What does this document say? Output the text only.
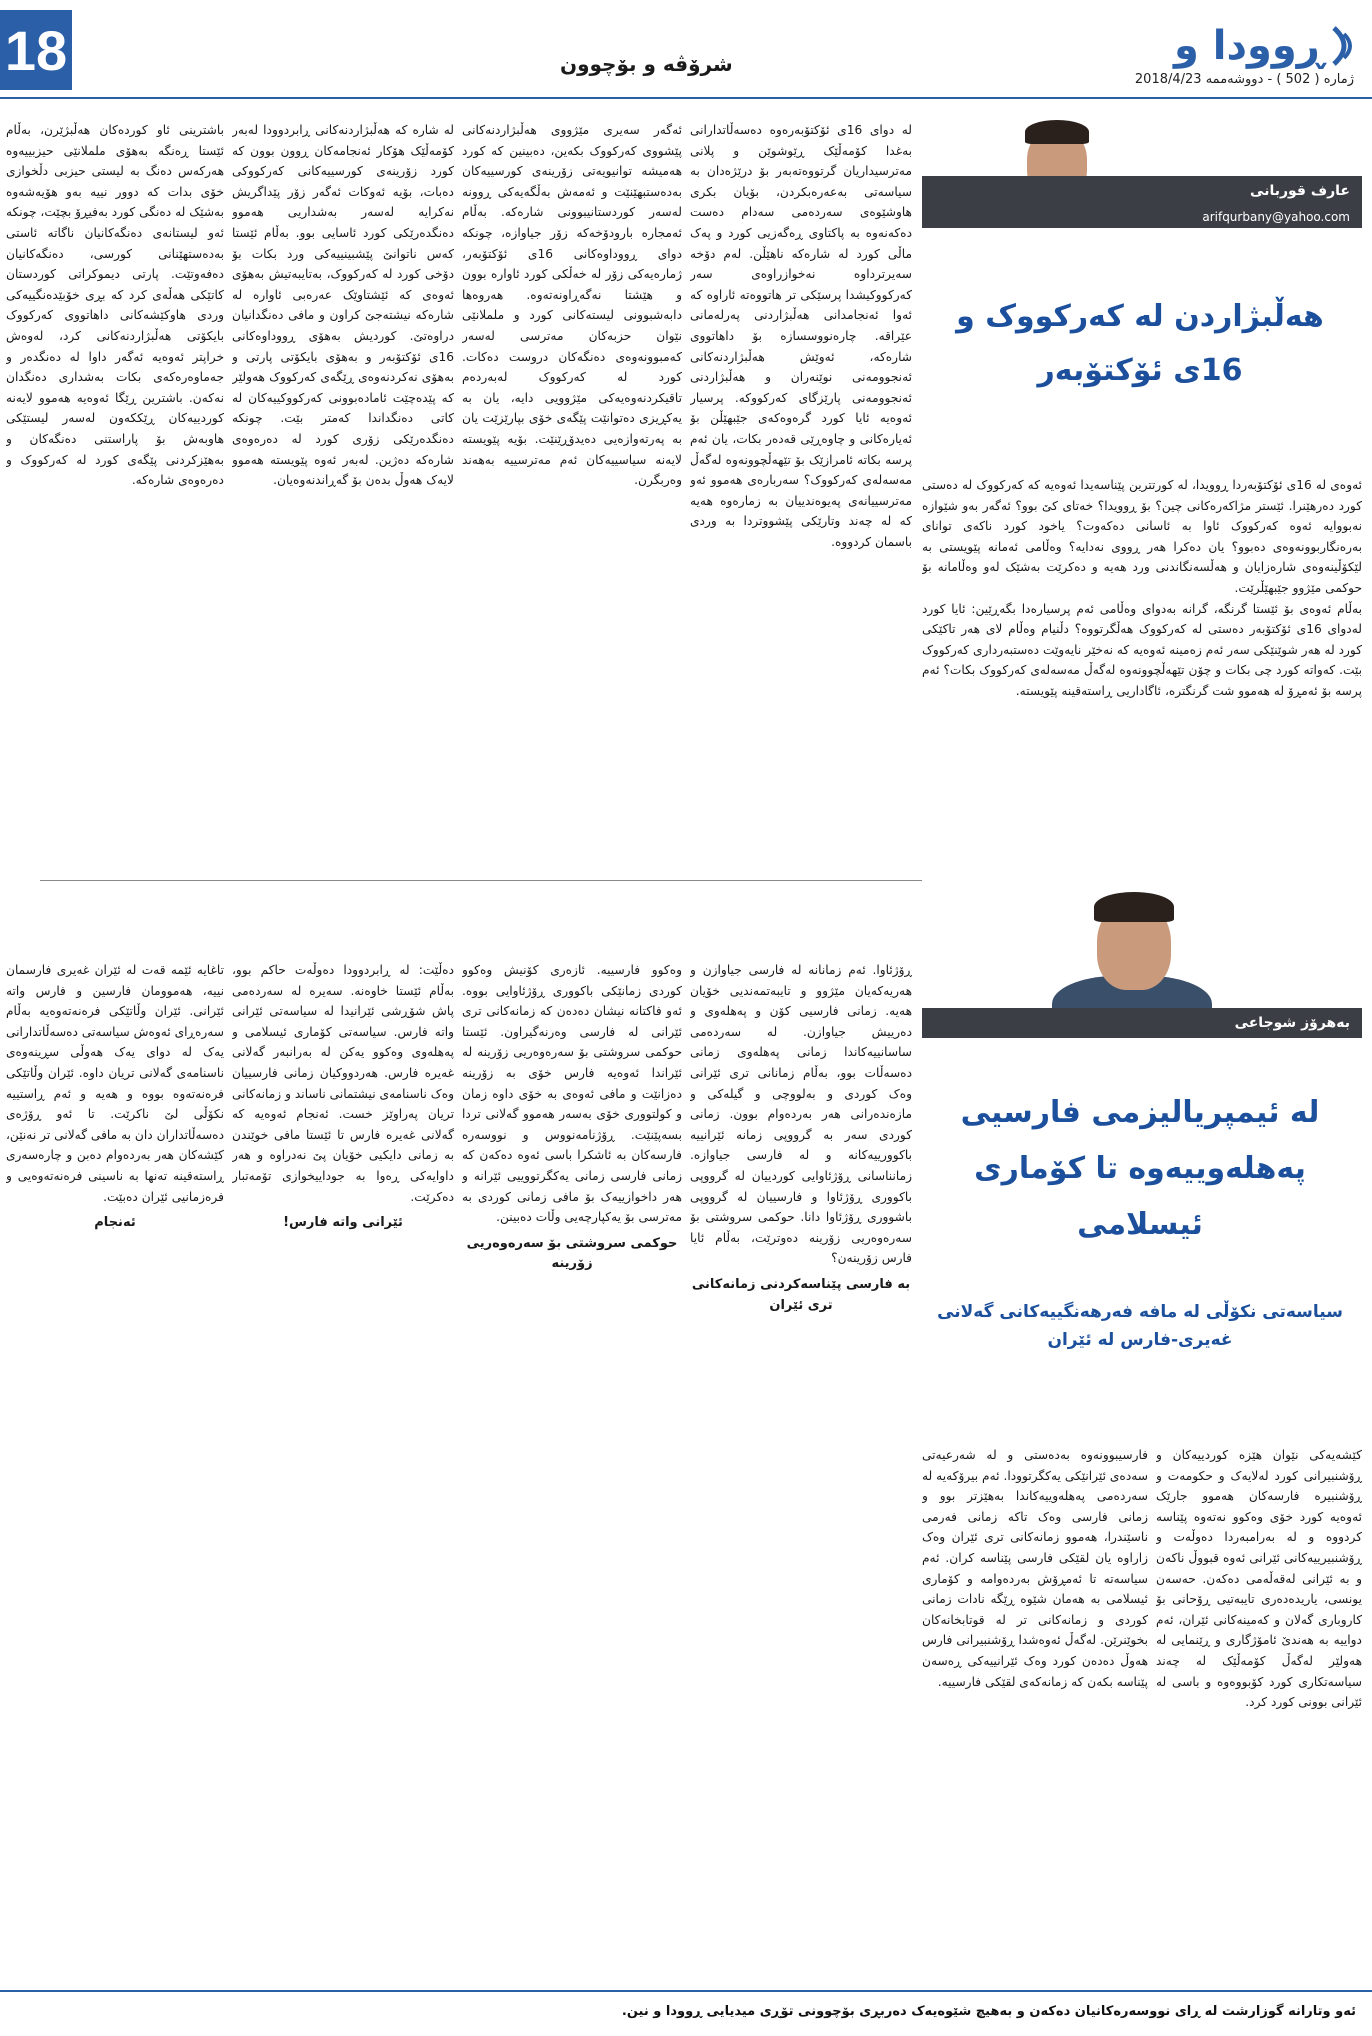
18	شرۆڤە و بۆچوون	ڕوودا و
ژمارە ( 502 ) - دووشەممە 2018/4/23
عارف قوربانی
arifqurbany@yahoo.com
هەڵبژاردن لە کەرکووک و 16ی ئۆکتۆبەر

ئەوەی لە 16ی ئۆکتۆبەردا ڕوویدا، لە کورتترین پێناسەیدا ئەوەیە کە کەرکووک لە دەستی کورد دەرهێنرا. ئێستر مژاکەرەکانی چین؟ بۆ ڕوویدا؟ خەتای کێ بوو؟ ئەگەر بەو شێوازە نەبووایە ئەوە کەرکووک ئاوا بە ئاسانی دەکەوت؟ یاخود کورد ناکەی توانای بەرەنگاربوونەوەی دەبوو؟ یان دەکرا هەر ڕووی نەدایە؟ وەڵامی ئەمانە پێویستی بە لێکۆڵینەوەی شارەزایان و هەڵسەنگاندنی ورد هەیە و دەکرێت بەشێک لەو وەڵامانە بۆ حوکمی مێژوو جێبهێڵرێت.

بەڵام ئەوەی بۆ ئێستا گرنگە، گرانە بەدوای وەڵامی ئەم پرسیارەدا بگەڕێین: ئایا کورد لەدوای 16ی ئۆکتۆبەر دەستی لە کەرکووک هەڵگرتووە؟ دڵنیام وەڵام لای هەر تاکێکی کورد لە هەر شوێنێکی سەر ئەم زەمینە ئەوەیە کە نەخێر نایەوێت دەستبەرداری کەرکووک بێت. کەواتە کورد چی بکات و چۆن تێهەڵچوونەوە لەگەڵ مەسەلەی کەرکووک بکات؟ ئەم پرسە بۆ ئەمڕۆ لە هەموو شت گرنگترە، ئاگاداریی ڕاستەقینە پێویستە.

لە دوای 16ی ئۆکتۆبەرەوە دەسەڵاتدارانی بەغدا کۆمەڵێک ڕێوشوێن و پلانی مەترسیداریان گرتووەتەبەر بۆ درێژەدان بە سیاسەتی بەعەرەبکردن، بۆیان بکری هاوشێوەی سەردەمی سەدام دەست دەکەنەوە بە پاکتاوی ڕەگەزیی کورد و پەک ماڵی کورد لە شارەکە ناهێڵن. لەم دۆخە سەیرترداوە نەخوازراوەی سەر کەرکووکیشدا پرسێکی تر هاتووەتە ئاراوە کە ئەوا ئەنجامدانی هەڵبژاردنی پەرلەمانی عێراقە. چارەنووسسازە بۆ داهاتووی شارەکە، ئەوێش هەڵبژاردنەکانی ئەنجوومەنی نوێنەران و هەڵبژاردنی ئەنجوومەنی پارێزگای کەرکووکە. پرسیار ئەوەیە ئایا کورد گرەوەکەی جێبهێڵن بۆ ئەیارەکانی و چاوەڕێی قەدەر بکات، یان ئەم پرسە بکاتە ئامرازێک بۆ تێهەڵچوونەوە لەگەڵ مەسەلەی کەرکووک؟ سەربارەی هەموو ئەو مەترسییانەی پەیوەندییان بە زمارەوە هەیە کە لە چەند وتارێکی پێشووتردا بە وردی باسمان کردووە.

ئەگەر سەیری مێژووی هەڵبژاردنەکانی پێشووی کەرکووک بکەین، دەبینین کە کورد هەمیشە توانیویەتی زۆرینەی کورسییەکان بەدەستبهێنێت و ئەمەش بەڵگەیەکی ڕوونە لەسەر کوردستانیبوونی شارەکە. بەڵام ئەمجارە بارودۆخەکە زۆر جیاوازە، چونکە دوای ڕووداوەکانی 16ی ئۆکتۆبەر، ژمارەیەکی زۆر لە خەڵکی کورد ئاوارە بوون و هێشتا نەگەڕاونەتەوە. هەروەها دابەشبوونی لیستەکانی کورد و ململانێی نێوان حزبەکان مەترسی لەسەر کەمبوونەوەی دەنگەکان دروست دەکات. کورد لە کەرکووک لەبەردەم تاقیکردنەوەیەکی مێژوویی دایە، یان بە یەکڕیزی دەتوانێت پێگەی خۆی بپارێزێت یان بە پەرتەوازەیی دەیدۆڕێنێت. بۆیە پێویستە لایەنە سیاسییەکان ئەم مەترسییە بەهەند وەربگرن.

لە شارە کە هەڵبژاردنەکانی ڕابردوودا لەبەر کۆمەڵێک هۆکار ئەنجامەکان ڕوون بوون کە کورد زۆرینەی کورسییەکانی کەرکووکی دەبات، بۆیە ئەوکات ئەگەر زۆر پێداگریش نەکرایە لەسەر بەشداریی هەموو دەنگدەرێکی کورد ئاسایی بوو. بەڵام ئێستا کەس ناتوانێ پێشبینییەکی ورد بکات بۆ دۆخی کورد لە کەرکووک، بەتایبەتیش بەهۆی ئەوەی کە ئێشتاوێک عەرەبی ئاوارە لە شارەکە نیشتەجێ کراون و مافی دەنگدانیان دراوەتێ. کوردیش بەهۆی ڕووداوەکانی 16ی ئۆکتۆبەر و بەهۆی بایکۆتی پارتی و بەهۆی نەکردنەوەی ڕێگەی کەرکووک هەولێر کە پێدەچێت ئامادەبوونی کەرکووکییەکان لە کاتی دەنگداندا کەمتر بێت. چونکە دەنگدەرێکی زۆری کورد لە دەرەوەی شارەکە دەژین. لەبەر ئەوە پێویستە هەموو لایەک هەوڵ بدەن بۆ گەڕاندنەوەیان.

باشترینی ئاو کوردەکان هەڵبژێرن، بەڵام ئێستا ڕەنگە بەهۆی ململانێی حیزبییەوە هەرکەس دەنگ بە لیستی حیزبی دڵخوازی خۆی بدات کە دوور نییە بەو هۆیەشەوە بەشێک لە دەنگی کورد بەفیڕۆ بچێت، چونکە ئەو لیستانەی دەنگەکانیان ناگاتە ئاستی بەدەستهێنانی کورسی، دەنگەکانیان دەفەوتێت. پارتی دیموکراتی کوردستان کاتێکی هەڵەی کرد کە بڕی خۆبێدەنگییەکی وردی هاوکێشەکانی داهاتووی کەرکووک بایکۆتی هەڵبژاردنەکانی کرد، لەوەش خراپتر ئەوەیە ئەگەر داوا لە دەنگدەر و جەماوەرەکەی بکات بەشداری دەنگدان نەکەن. باشترین ڕێگا ئەوەیە هەموو لایەنە کوردییەکان ڕێککەون لەسەر لیستێکی هاوبەش بۆ پاراستنی دەنگەکان و بەهێزکردنی پێگەی کورد لە کەرکووک و دەرەوەی شارەکە.

بەهرۆز شوجاعی
لە ئیمپریالیزمی فارسیی پەهلەوییەوە تا کۆماری ئیسلامی
سیاسەتی نکۆڵی لە مافە فەرهەنگییەکانی گەلانی غەیری-فارس لە ئێران

کێشەیەکی نێوان هێزە کوردییەکان و ڕۆشنبیرانی کورد لەلایەک و حکومەت و ڕۆشنبیرە فارسەکان هەموو جارێک ئەوەیە کورد خۆی وەکوو نەتەوە پێناسە کردووە و لە بەرامبەردا دەوڵەت و ڕۆشنبیرییەکانی ئێرانی ئەوە قبووڵ ناکەن و بە ئێرانی لەقەڵەمی دەکەن. حەسەن یونسی، یاریدەدەری تایبەتیی ڕۆحانی بۆ کاروباری گەلان و کەمینەکانی ئێران، ئەم دواییە بە هەندێ ئامۆژگاری و ڕێنمایی لە هەولێر لەگەڵ کۆمەڵێک لە چەند سیاسەتکاری کورد کۆبووەوە و باسی لە ئێرانی بوونی کورد کرد.

فارسیبوونەوە بەدەستی و لە شەرعیەتی سەدەی ئێرانێکی یەکگرتوودا. ئەم بیرۆکەیە لە سەردەمی پەهلەوییەکاندا بەهێزتر بوو و زمانی فارسی وەک تاکە زمانی فەرمی ناسێندرا، هەموو زمانەکانی تری ئێران وەک زاراوە یان لقێکی فارسی پێناسە کران. ئەم سیاسەتە تا ئەمڕۆش بەردەوامە و کۆماری ئیسلامی بە هەمان شێوە ڕێگە نادات زمانی کوردی و زمانەکانی تر لە قوتابخانەکان بخوێنرێن. لەگەڵ ئەوەشدا ڕۆشنبیرانی فارس هەوڵ دەدەن کورد وەک ئێرانییەکی ڕەسەن پێناسە بکەن کە زمانەکەی لقێکی فارسییە.

ڕۆژئاوا. ئەم زمانانە لە فارسی جیاوازن و هەریەکەیان مێژوو و تایبەتمەندیی خۆیان هەیە. زمانی فارسیی کۆن و پەهلەوی و دەرییش جیاوازن. لە سەردەمی ساسانییەکاندا زمانی پەهلەوی زمانی دەسەڵات بوو، بەڵام زمانانی تری ئێرانی وەک کوردی و بەلووچی و گیلەکی و مازەندەرانی هەر بەردەوام بوون. زمانی کوردی سەر بە گرووپی زمانە ئێرانییە باکوورییەکانە و لە فارسی جیاوازە. زمانناسانی ڕۆژئاوایی کوردییان لە گرووپی باکووری ڕۆژئاوا و فارسییان لە گرووپی باشووری ڕۆژئاوا دانا. حوکمی سروشتی بۆ سەرەوەریی زۆرینە دەوترێت، بەڵام ئایا فارس زۆرینەن؟

بە فارسی پێناسەکردنی زمانەکانی تری ئێران

وەکوو فارسییە. ئازەری کۆنیش وەکوو کوردی زمانێکی باکووری ڕۆژئاوایی بووە. ئەو فاکتانە نیشان دەدەن کە زمانەکانی تری ئێرانی لە فارسی وەرنەگیراون. ئێستا حوکمی سروشتی بۆ سەرەوەریی زۆرینە لە ئێراندا ئەوەیە فارس خۆی بە زۆرینە دەزانێت و مافی ئەوەی بە خۆی داوە زمان و کولتووری خۆی بەسەر هەموو گەلانی تردا بسەپێنێت. ڕۆژنامەنووس و نووسەرە فارسەکان بە ئاشکرا باسی ئەوە دەکەن کە زمانی فارسی زمانی یەکگرتووییی ئێرانە و هەر داخوازییەک بۆ مافی زمانی کوردی بە مەترسی بۆ یەکپارچەیی وڵات دەبینن.

حوکمی سروشتی بۆ سەرەوەریی زۆرینە

دەڵێت: لە ڕابردوودا دەوڵەت حاکم بوو، بەڵام ئێستا خاوەنە. سەیرە لە سەردەمی پاش شۆڕشی ئێرانیدا لە سیاسەتی ئێرانی واتە فارس. سیاسەتی کۆماری ئیسلامی و پەهلەوی وەکوو یەکن لە بەرانبەر گەلانی غەیرە فارس. هەردووکیان زمانی فارسییان وەک ناسنامەی نیشتمانی ناساند و زمانەکانی تریان پەراوێز خست. ئەنجام ئەوەیە کە گەلانی غەیرە فارس تا ئێستا مافی خوێندن بە زمانی دایکیی خۆیان پێ نەدراوە و هەر داوایەکی ڕەوا بە جوداییخوازی تۆمەتبار دەکرێت.

ئێرانی واتە فارس!

تاغایە ئێمە قەت لە ئێران غەیری فارسمان نییە، هەموومان فارسین و فارس واتە ئێرانی. ئێران وڵاتێکی فرەنەتەوەیە بەڵام سەرەڕای ئەوەش سیاسەتی دەسەڵاتدارانی یەک لە دوای یەک هەوڵی سڕینەوەی ناسنامەی گەلانی تریان داوە. ئێران وڵاتێکی فرەنەتەوە بووە و هەیە و ئەم ڕاستییە نکۆڵی لێ ناکرێت. تا ئەو ڕۆژەی دەسەڵاتداران دان بە مافی گەلانی تر نەنێن، کێشەکان هەر بەردەوام دەبن و چارەسەری ڕاستەقینە تەنها بە ناسینی فرەنەتەوەیی و فرەزمانیی ئێران دەبێت.

ئەنجام

ئەو وتارانە گوزارشت لە ڕای نووسەرەکانیان دەکەن و بەهیچ شێوەیەک دەربڕی بۆچوونی تۆڕی میدیایی ڕوودا و نین.
